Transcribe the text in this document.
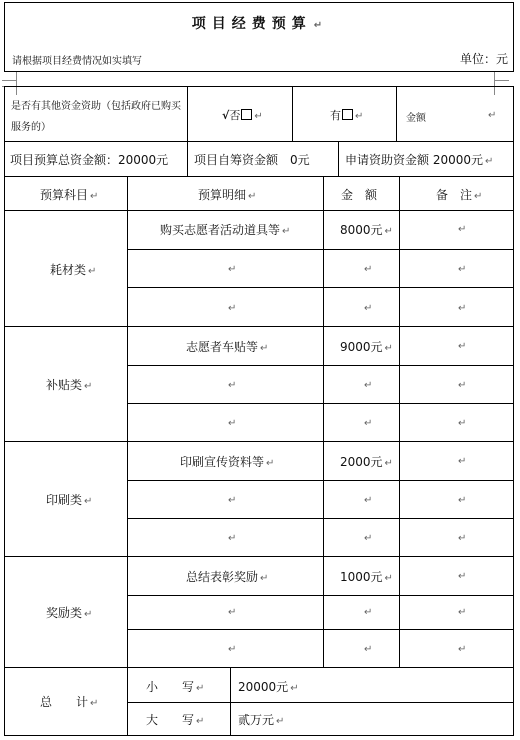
项目经费预算 ↵
请根据项目经费情况如实填写	单位：元
是否有其他资金资助（包括政府已购买服务的）
√否 ↵	有 ↵	金额	↵
项目预算总资金额：20000元 项目自筹资金额　0元	申请资助资金额 20000元 ↵
预算科目 ↵	预算明细 ↵	金　额	备　注 ↵
耗材类 ↵
购买志愿者活动道具等 ↵	8000元 ↵	↵
↵	↵	↵
↵	↵	↵
补贴类 ↵
志愿者车贴等 ↵	9000元 ↵	↵
↵	↵	↵
↵	↵	↵
印刷类 ↵
印刷宣传资料等 ↵	2000元 ↵	↵
↵	↵	↵
↵	↵	↵
奖励类 ↵
总结表彰奖励 ↵	1000元 ↵	↵
↵	↵	↵
↵	↵	↵
总　　计 ↵
小　　写 ↵	20000元 ↵
大　　写 ↵	贰万元 ↵
